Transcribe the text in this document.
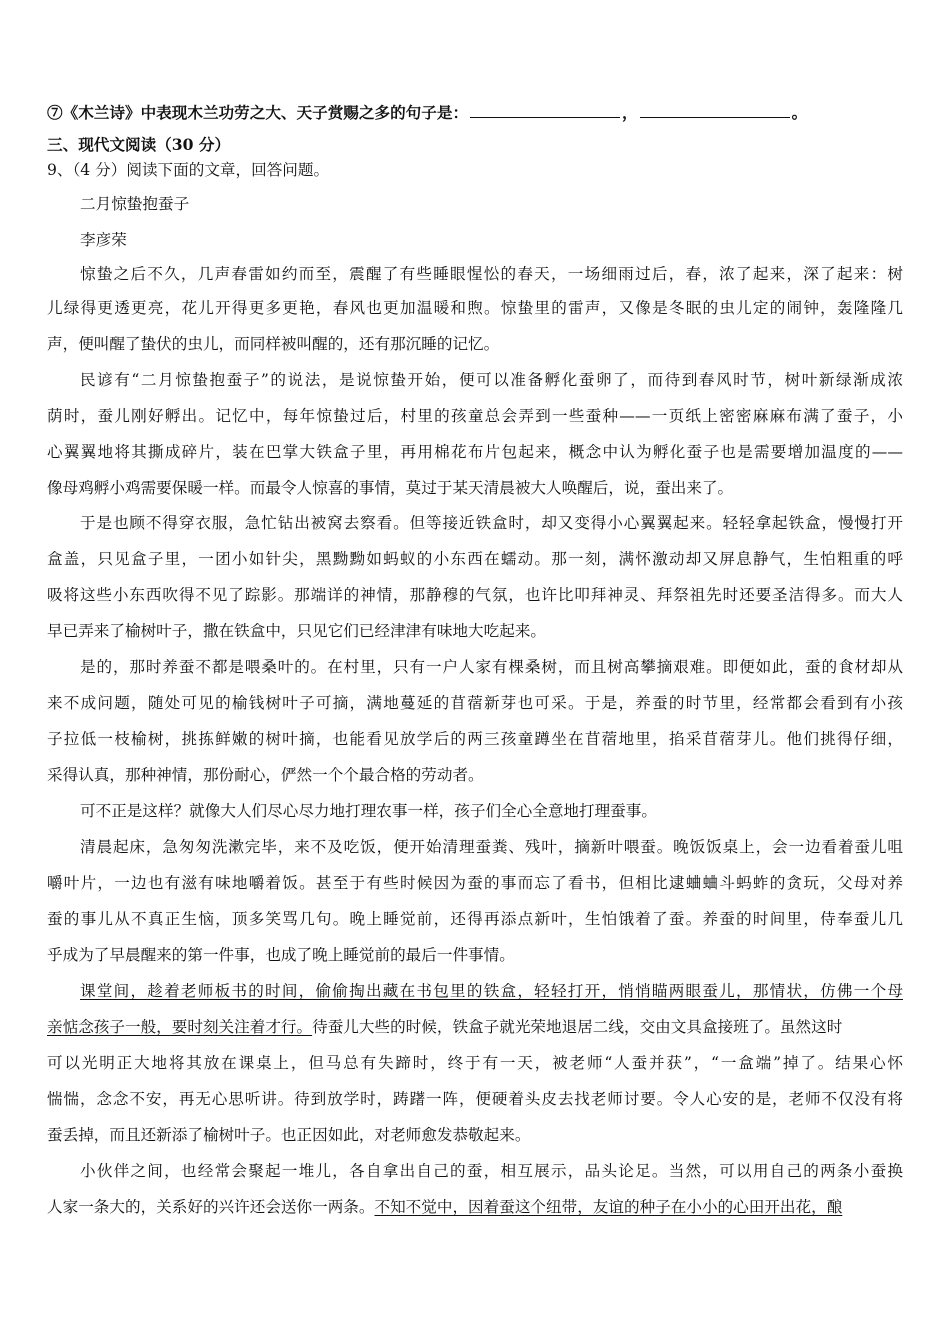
⑦《木兰诗》中表现木兰功劳之大、天子赏赐之多的句子是：	，	。
三、现代文阅读（30 分）
9、（4 分）阅读下面的文章，回答问题。
二月惊蛰抱蚕子
李彦荣
惊蛰之后不久，几声春雷如约而至，震醒了有些睡眼惺忪的春天，一场细雨过后，春，浓了起来，深了起来：树
儿绿得更透更亮，花儿开得更多更艳，春风也更加温暖和煦。惊蛰里的雷声，又像是冬眠的虫儿定的闹钟，轰隆隆几
声，便叫醒了蛰伏的虫儿，而同样被叫醒的，还有那沉睡的记忆。
民谚有“二月惊蛰抱蚕子”的说法，是说惊蛰开始，便可以准备孵化蚕卵了，而待到春风时节，树叶新绿渐成浓
荫时，蚕儿刚好孵出。记忆中，每年惊蛰过后，村里的孩童总会弄到一些蚕种——一页纸上密密麻麻布满了蚕子，小
心翼翼地将其撕成碎片，装在巴掌大铁盒子里，再用棉花布片包起来，概念中认为孵化蚕子也是需要增加温度的——
像母鸡孵小鸡需要保暖一样。而最令人惊喜的事情，莫过于某天清晨被大人唤醒后，说，蚕出来了。
于是也顾不得穿衣服，急忙钻出被窝去察看。但等接近铁盒时，却又变得小心翼翼起来。轻轻拿起铁盒，慢慢打开
盒盖，只见盒子里，一团小如针尖，黑黝黝如蚂蚁的小东西在蠕动。那一刻，满怀激动却又屏息静气，生怕粗重的呼
吸将这些小东西吹得不见了踪影。那端详的神情，那静穆的气氛，也许比叩拜神灵、拜祭祖先时还要圣洁得多。而大人
早已弄来了榆树叶子，撒在铁盒中，只见它们已经津津有味地大吃起来。
是的，那时养蚕不都是喂桑叶的。在村里，只有一户人家有棵桑树，而且树高攀摘艰难。即便如此，蚕的食材却从
来不成问题，随处可见的榆钱树叶子可摘，满地蔓延的苜蓿新芽也可采。于是，养蚕的时节里，经常都会看到有小孩
子拉低一枝榆树，挑拣鲜嫩的树叶摘，也能看见放学后的两三孩童蹲坐在苜蓿地里，掐采苜蓿芽儿。他们挑得仔细，
采得认真，那种神情，那份耐心，俨然一个个最合格的劳动者。
可不正是这样？就像大人们尽心尽力地打理农事一样，孩子们全心全意地打理蚕事。
清晨起床，急匆匆洗漱完毕，来不及吃饭，便开始清理蚕粪、残叶，摘新叶喂蚕。晚饭饭桌上，会一边看着蚕儿咀
嚼叶片，一边也有滋有味地嚼着饭。甚至于有些时候因为蚕的事而忘了看书，但相比逮蛐蛐斗蚂蚱的贪玩，父母对养
蚕的事儿从不真正生恼，顶多笑骂几句。晚上睡觉前，还得再添点新叶，生怕饿着了蚕。养蚕的时间里，侍奉蚕儿几
乎成为了早晨醒来的第一件事，也成了晚上睡觉前的最后一件事情。
课堂间，趁着老师板书的时间，偷偷掏出藏在书包里的铁盒，轻轻打开，悄悄瞄两眼蚕儿，那情状，仿佛一个母
亲惦念孩子一般，要时刻关注着才行。待蚕儿大些的时候，铁盒子就光荣地退居二线，交由文具盒接班了。虽然这时
可以光明正大地将其放在课桌上，但马总有失蹄时，终于有一天，被老师“人蚕并获”，“一盒端”掉了。结果心怀
惴惴，念念不安，再无心思听讲。待到放学时，踌躇一阵，便硬着头皮去找老师讨要。令人心安的是，老师不仅没有将
蚕丢掉，而且还新添了榆树叶子。也正因如此，对老师愈发恭敬起来。
小伙伴之间，也经常会聚起一堆儿，各自拿出自己的蚕，相互展示，品头论足。当然，可以用自己的两条小蚕换
人家一条大的，关系好的兴许还会送你一两条。不知不觉中，因着蚕这个纽带，友谊的种子在小小的心田开出花，酿
